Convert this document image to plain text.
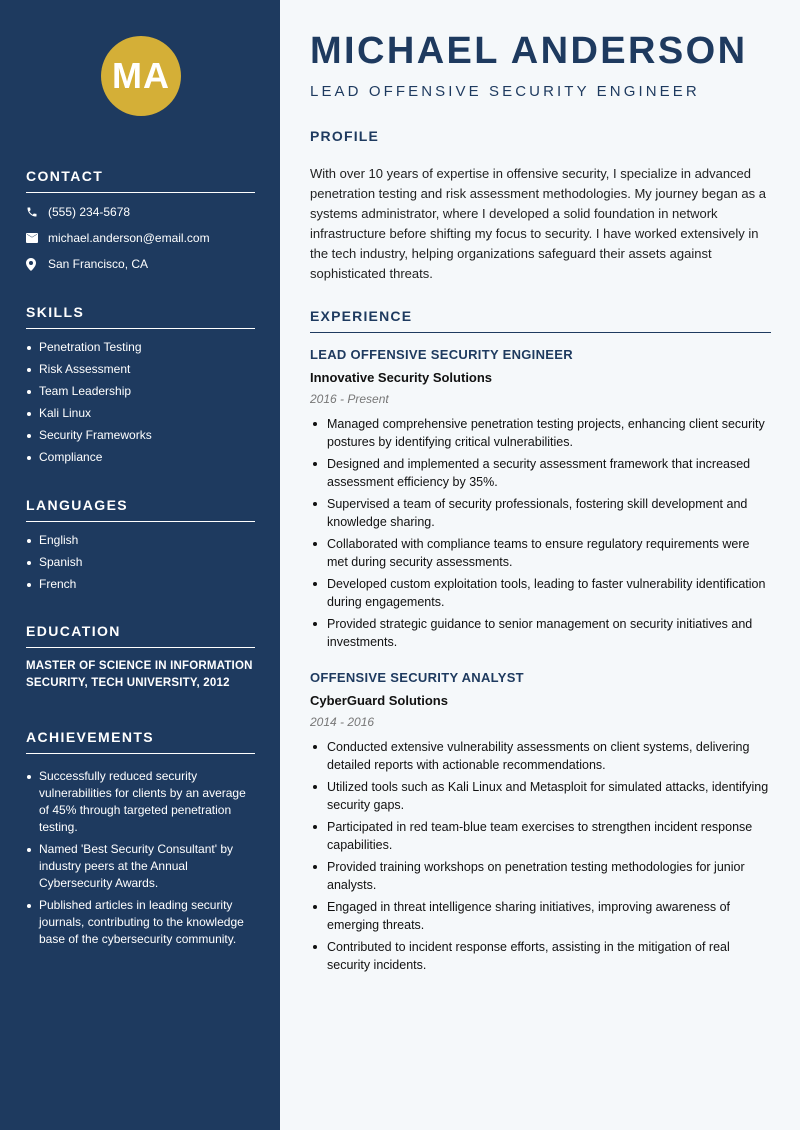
MA
CONTACT
(555) 234-5678
michael.anderson@email.com
San Francisco, CA
SKILLS
Penetration Testing
Risk Assessment
Team Leadership
Kali Linux
Security Frameworks
Compliance
LANGUAGES
English
Spanish
French
EDUCATION
MASTER OF SCIENCE IN INFORMATION SECURITY, TECH UNIVERSITY, 2012
ACHIEVEMENTS
Successfully reduced security vulnerabilities for clients by an average of 45% through targeted penetration testing.
Named 'Best Security Consultant' by industry peers at the Annual Cybersecurity Awards.
Published articles in leading security journals, contributing to the knowledge base of the cybersecurity community.
MICHAEL ANDERSON
LEAD OFFENSIVE SECURITY ENGINEER
PROFILE
With over 10 years of expertise in offensive security, I specialize in advanced penetration testing and risk assessment methodologies. My journey began as a systems administrator, where I developed a solid foundation in network infrastructure before shifting my focus to security. I have worked extensively in the tech industry, helping organizations safeguard their assets against sophisticated threats.
EXPERIENCE
LEAD OFFENSIVE SECURITY ENGINEER
Innovative Security Solutions
2016 - Present
Managed comprehensive penetration testing projects, enhancing client security postures by identifying critical vulnerabilities.
Designed and implemented a security assessment framework that increased assessment efficiency by 35%.
Supervised a team of security professionals, fostering skill development and knowledge sharing.
Collaborated with compliance teams to ensure regulatory requirements were met during security assessments.
Developed custom exploitation tools, leading to faster vulnerability identification during engagements.
Provided strategic guidance to senior management on security initiatives and investments.
OFFENSIVE SECURITY ANALYST
CyberGuard Solutions
2014 - 2016
Conducted extensive vulnerability assessments on client systems, delivering detailed reports with actionable recommendations.
Utilized tools such as Kali Linux and Metasploit for simulated attacks, identifying security gaps.
Participated in red team-blue team exercises to strengthen incident response capabilities.
Provided training workshops on penetration testing methodologies for junior analysts.
Engaged in threat intelligence sharing initiatives, improving awareness of emerging threats.
Contributed to incident response efforts, assisting in the mitigation of real security incidents.
